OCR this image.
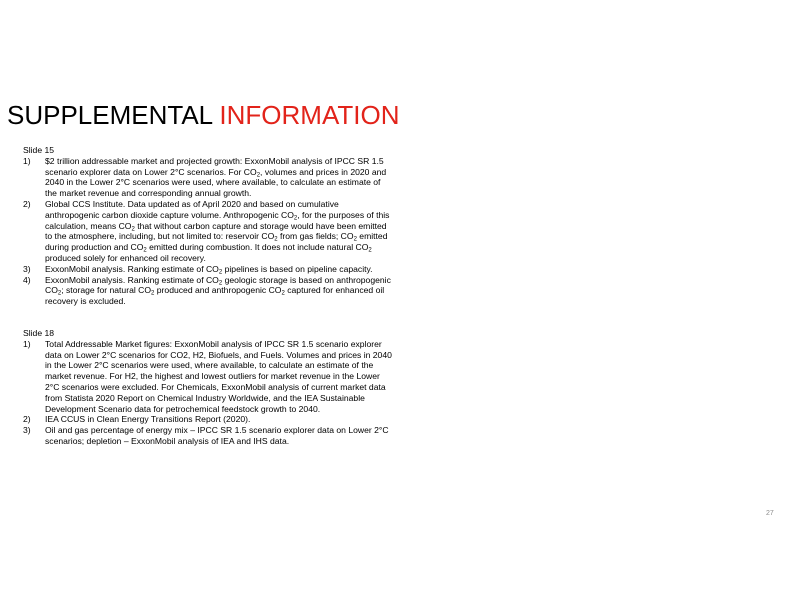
SUPPLEMENTAL INFORMATION

Slide 15

1) $2 trillion addressable market and projected growth: ExxonMobil analysis of IPCC SR 1.5 scenario explorer data on Lower 2°C scenarios. For $CO_2$, volumes and prices in 2020 and 2040 in the Lower 2°C scenarios were used, where available, to calculate an estimate of the market revenue and corresponding annual growth.
2) Global CCS Institute. Data updated as of April 2020 and based on cumulative anthropogenic carbon dioxide capture volume. Anthropogenic $CO_2$, for the purposes of this calculation, means $CO_2$ that without carbon capture and storage would have been emitted to the atmosphere, including, but not limited to: reservoir $CO_2$ from gas fields; $CO_2$ emitted during production and $CO_2$ emitted during combustion. It does not include natural $CO_2$ produced solely for enhanced oil recovery.
3) ExxonMobil analysis. Ranking estimate of $CO_2$ pipelines is based on pipeline capacity.
4) ExxonMobil analysis. Ranking estimate of $CO_2$ geologic storage is based on anthropogenic $CO_2$; storage for natural $CO_2$ produced and anthropogenic $CO_2$ captured for enhanced oil recovery is excluded.

Slide 18

1) Total Addressable Market figures: ExxonMobil analysis of IPCC SR 1.5 scenario explorer data on Lower 2°C scenarios for CO2, H2, Biofuels, and Fuels. Volumes and prices in 2040 in the Lower 2°C scenarios were used, where available, to calculate an estimate of the market revenue. For H2, the highest and lowest outliers for market revenue in the Lower 2°C scenarios were excluded. For Chemicals, ExxonMobil analysis of current market data from Statista 2020 Report on Chemical Industry Worldwide, and the IEA Sustainable Development Scenario data for petrochemical feedstock growth to 2040.
2) IEA CCUS in Clean Energy Transitions Report (2020).
3) Oil and gas percentage of energy mix – IPCC SR 1.5 scenario explorer data on Lower 2°C scenarios; depletion – ExxonMobil analysis of IEA and IHS data.
27
